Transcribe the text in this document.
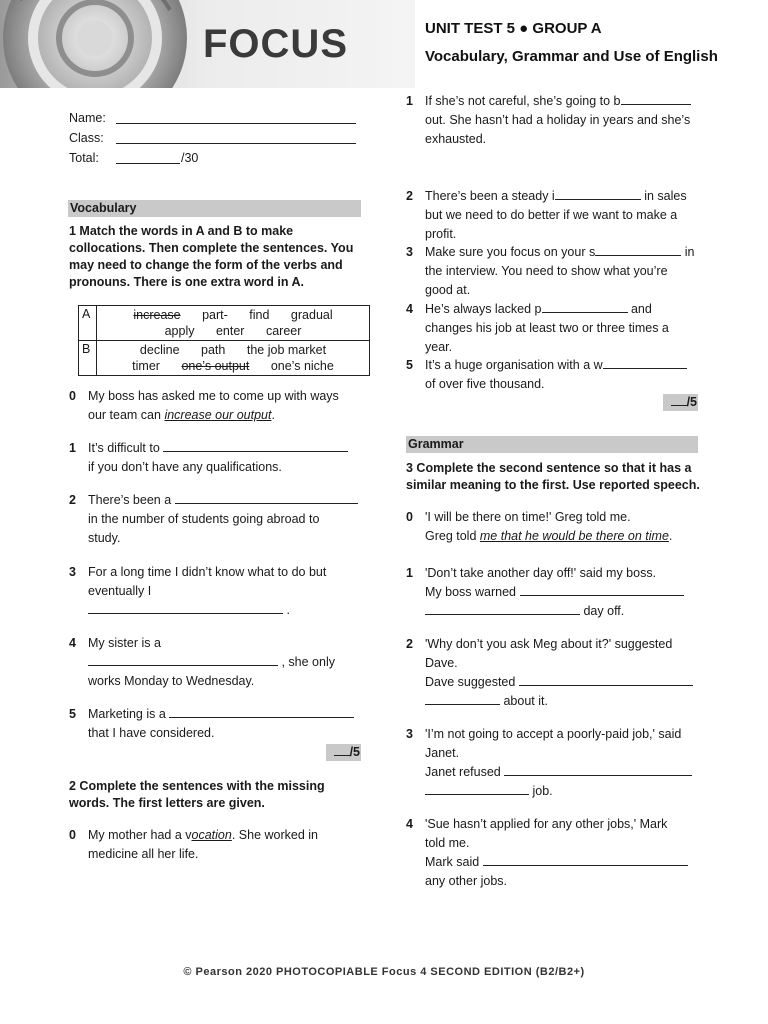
FOCUS	UNIT TEST 5 ● GROUP A
Vocabulary, Grammar and Use of English
Name:
Class:
Total:	/30
Vocabulary
1 Match the words in A and B to make
collocations. Then complete the sentences. You
may need to change the form of the verbs and
pronouns. There is one extra word in A.
A	increase part- find gradual
apply enter career

B	decline path the job market
timer one’s output one’s niche
0 My boss has asked me to come up with ways

our team can increase our output.

1 It’s difficult to

if you don’t have any qualifications.

2 There’s been a

in the number of students going abroad to

study.

3 For a long time I didn’t know what to do but

eventually I

.

4 My sister is a

, she only

works Monday to Wednesday.

5 Marketing is a

that I have considered.

/5
2 Complete the sentences with the missing
words. The first letters are given.
0 My mother had a vocation. She worked in

medicine all her life.

1 If she’s not careful, she’s going to b

out. She hasn’t had a holiday in years and she’s

exhausted.

2 There’s been a steady i	in sales

but we need to do better if we want to make a

profit.

3 Make sure you focus on your s	in

the interview. You need to show what you’re

good at.

4 He’s always lacked p	and

changes his job at least two or three times a

year.

5 It’s a huge organisation with a w

of over five thousand.

/5
Grammar
3 Complete the second sentence so that it has a
similar meaning to the first. Use reported speech.
0 'I will be there on time!' Greg told me.

Greg told me that he would be there on time.

1 'Don’t take another day off!' said my boss.

My boss warned

day off.

2 'Why don’t you ask Meg about it?' suggested

Dave.

Dave suggested

about it.

3 'I’m not going to accept a poorly-paid job,' said

Janet.

Janet refused

job.

4 'Sue hasn’t applied for any other jobs,' Mark

told me.

Mark said

any other jobs.

© Pearson 2020 PHOTOCOPIABLE Focus 4 SECOND EDITION (B2/B2+)
